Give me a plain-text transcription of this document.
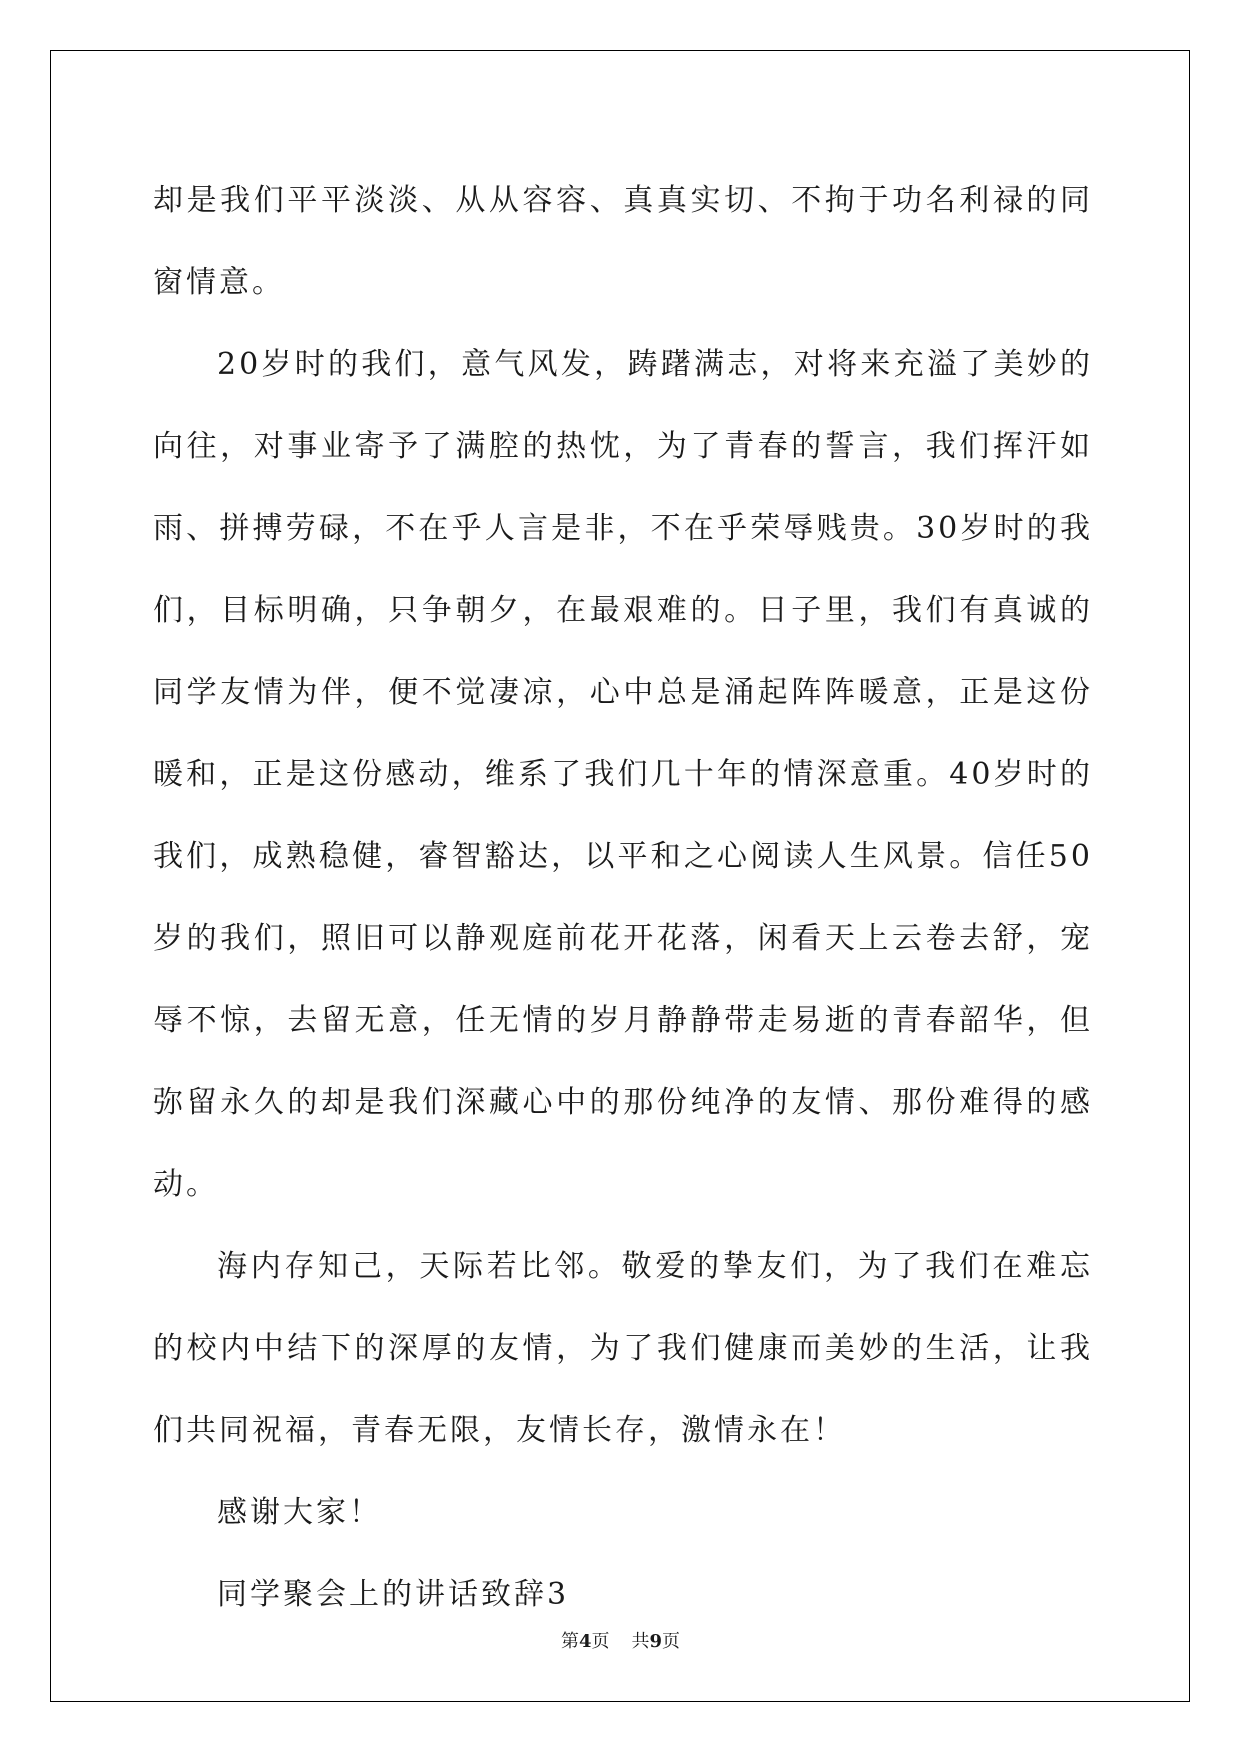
却是我们平平淡淡、从从容容、真真实切、不拘于功名利禄的同窗情意。

20岁时的我们，意气风发，踌躇满志，对将来充溢了美妙的向往，对事业寄予了满腔的热忱，为了青春的誓言，我们挥汗如雨、拼搏劳碌，不在乎人言是非，不在乎荣辱贱贵。30岁时的我们，目标明确，只争朝夕，在最艰难的。日子里，我们有真诚的同学友情为伴，便不觉凄凉，心中总是涌起阵阵暖意，正是这份暖和，正是这份感动，维系了我们几十年的情深意重。40岁时的我们，成熟稳健，睿智豁达，以平和之心阅读人生风景。信任50岁的我们，照旧可以静观庭前花开花落，闲看天上云卷去舒，宠辱不惊，去留无意，任无情的岁月静静带走易逝的青春韶华，但弥留永久的却是我们深藏心中的那份纯净的友情、那份难得的感动。

海内存知己，天际若比邻。敬爱的挚友们，为了我们在难忘的校内中结下的深厚的友情，为了我们健康而美妙的生活，让我们共同祝福，青春无限，友情长存，激情永在！

感谢大家！

同学聚会上的讲话致辞3

第4页 共9页
